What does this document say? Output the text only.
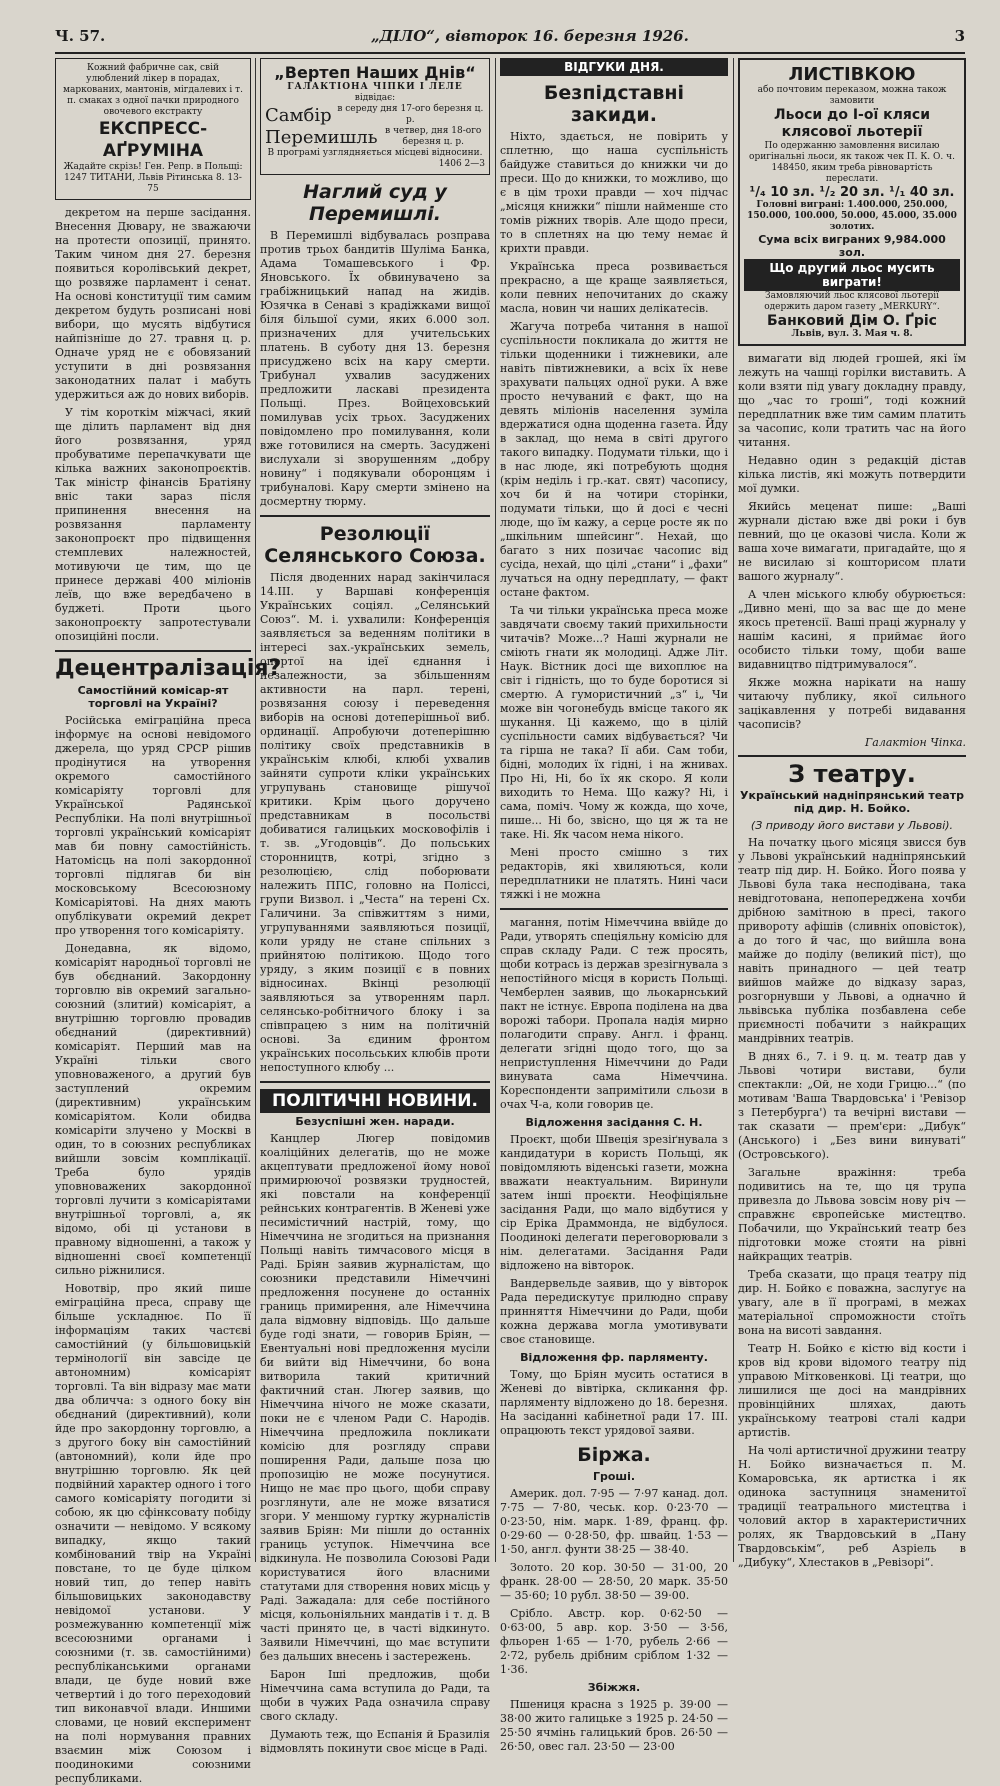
Ч. 57.	„ДІЛО“, вівторок 16. березня 1926.	3
Кожний фабричне сак, свій улюблений лікер в порадах, маркованих, мантонів, мігдалевих і т. п. смаках з одної пачки природного овочевого екстракту
ЕКСПРЕСС-АҐРУМІНА
Жадайте скрізь! Ген. Репр. в Польщі: 1247 ТИТАНИ, Львів Рітинська 8. 13-75

декретом на перше засідання. Внесення Дювару, не зважаючи на протести опозиції, принято. Таким чином дня 27. березня появиться королівський декрет, що розвяже парламент і сенат. На основі конституції тим самим декретом будуть розписані нові вибори, що мусять відбутися найпізніше до 27. травня ц. р. Одначе уряд не є обовязаний уступити в дні розвязання законодатних палат і мабуть удержиться аж до нових виборів.

У тім короткім міжчасі, який ще ділить парламент від дня його розвязання, уряд пробуватиме перепачкувати ще кілька важних законопроєктів. Так міністр фінансів Братіяну вніс таки зараз після припинення внесення на розвязання парламенту законопроєкт про підвищення стемплевих належностей, мотивуючи це тим, що це принесе державі 400 міліонів леїв, що вже вередбачено в буджеті. Проти цього законопроєкту запротестували опозиційні посли.

Децентралізація?
Самостійний комісар-ят торговлі на Україні?

Російська еміграційна преса інформує на основі невідомого джерела, що уряд СРСР рішив продінутися на утворення окремого самостійного комісаріяту торговлі для Української Радянської Республіки. На полі внутрішньої торговлі український комісаріят мав би повну самостійність. Натомісць на полі закордонної торговлі підлягав би він московському Всесоюзному Комісаріятові. На днях мають опублікувати окремий декрет про утворення того комісаріяту.

Донедавна, як відомо, комісаріят народньої торговлі не був обєднаний. Закордонну торговлю вів окремий загально-союзний (злитий) комісаріят, а внутрішню торговлю провадив обєднаний (директивний) комісаріят. Перший мав на Україні тільки свого уповноваженого, а другий був заступлений окремим (директивним) українським комісаріятом. Коли обидва комісаріти злучено у Москві в один, то в союзних республиках вийшли зовсім комплікації. Треба було урядів уповноважених закордонної торговлі лучити з комісаріятами внутрішньої торговлі, а, як відомо, обі ці установи в правному відношенні, а також у відношенні своєї компетенції сильно ріжнилися.

Новотвір, про який пише еміграційна преса, справу ще більше ускладнює. По її інформаціям таких частєві самостійний (у більшовицькій термінології він завсіде це автономним) комісаріят торговлі. Та він відразу має мати два обличча: з одного боку він обєднаний (директивний), коли йде про закордонну торговлю, а з другого боку він самостійний (автономний), коли йде про внутрішню торговлю. Як цей подвійний характер одного і того самого комісаріяту погодити зі собою, як цю сфінксовату побіду означити — невідомо. У всякому випадку, якщо такий комбінований твір на Україні повстане, то це буде цілком новий тип, до тепер навіть більшовицьких законодавству невідомої установи. У розмежуванню компетенції між всесоюзними органами і союзними (т. зв. самостійними) республіканськими органами влади, це буде новий вже четвертий і до того переходовий тип виконавчої влади. Иншими словами, це новий експеримент на полі нормування правних взаємин між Союзом і поодинокими союзними республиками.

„Вертеп Наших Днів“
ГАЛАКТІОНА ЧІПКИ І ЛЕЛЕ
відвідає:
Самбір в середу дня 17-ого березня ц. р.
Перемишль в четвер, дня 18-ого березня ц. р.
В програмі узглядняється місцеві відносини.
1406 2—3
Наглий суд у Перемишлі.

В Перемишлі відбувалась розправа против трьох бандитів Шуліма Банка, Адама Томашевського і Фр. Яновського. Їх обвинувачено за грабіжницький напад на жидів. Юзячка в Сенаві з крадіжками вищої біля більшої суми, яких 6.000 зол. призначених для учительських платень. В суботу дня 13. березня присуджено всіх на кару смерти. Трибунал ухвалив засуджених предложити ласкаві президента Польщі. През. Войцеховський помилував усіх трьох. Засуджених повідомлено про помилування, коли вже готовилися на смерть. Засуджені вислухали зі зворушенням „добру новину“ і подякували оборонцям і трибуналові. Кару смерти змінено на досмертну тюрму.

Резолюції Селянського Союза.

Після дводенних нарад закінчилася 14.III. у Варшаві конференція Українських соціял. „Селянський Союз“. М. і. ухвалили: Конференція заявляється за веденням політики в інтересі зах.-українських земель, опертої на ідеї єднання і незалежности, за збільшенням активности на парл. терені, розвязання союзу і переведення виборів на основі дотеперішньої виб. ординації. Апробуючи дотеперішню політику своїх представників в українськім клюбі, клюбі ухвалив зайняти супроти кліки українських угрупувань становище рішучої критики. Крім цього доручено представникам в посольстві добиватися галицьких московофілів і т. зв. „Угодовців“. До польських сторонництв, котрі, згідно з резолюцією, слід поборювати належить ППС, головно на Поліссі, групи Визвол. і „Честа“ на терені Сх. Галичини. За співжиттям з ними, угрупуваннями заявляються позиції, коли уряду не стане спільних з прийнятою політикою. Щодо того уряду, з яким позиції є в повних відносинах. Вкінці резолюції заявляються за утворенням парл. селянсько-робітничого блоку і за співпрацею з ним на політичній основі. За єдиним фронтом українських посольських клюбів проти непоступного клюбу ...

ПОЛІТИЧНІ НОВИНИ.
Безуспішні жен. наради.

Канцлер Люгер повідомив коаліційних делегатів, що не може акцептувати предложеної йому нової примирюючої розвязки трудностей, які повстали на конференції рейнських контрагентів. В Женеві уже песимістичний настрій, тому, що Німеччина не згодиться на признання Польщі навіть тимчасового місця в Раді. Бріян заявив журналістам, що союзники представили Німеччині предложення посунене до останніх границь примирення, але Німеччина дала відмовну відповідь. Що дальше буде годі знати, — говорив Бріян, — Евентуальні нові предложення мусіли би вийти від Німеччини, бо вона витворила такий критичний фактичний стан. Люгер заявив, що Німеччина нічого не може сказати, поки не є членом Ради С. Народів. Німеччина предложила покликати комісію для розгляду справи поширення Ради, дальше поза цю пропозицію не може посунутися. Нищо не має про цього, щоби справу розглянути, але не може вязатися згори. У меншому гуртку журналістів заявив Бріян: Ми пішли до останніх границь уступок. Німеччина все відкинула. Не позволила Союзові Ради користуватися його власними статутами для створення нових місць у Раді. Зажадала: для себе постійного місця, кольоніяльних мандатів і т. д. В часті принято це, в часті відкинуто. Заявили Німеччині, що має вступити без дальших внесень і застережень.

Барон Іші предложив, щоби Німеччина сама вступила до Ради, та щоби в чужих Рада означила справу свого складу.

Думають теж, що Еспанія й Бразилія відмовлять покинути своє місце в Раді.

ВІДГУКИ ДНЯ.
Безпідставні закиди.

Ніхто, здається, не повірить у сплетню, що наша суспільність байдуже ставиться до книжки чи до преси. Що до книжки, то можливо, що є в цім трохи правди — хоч підчас „місяця книжки“ пішли найменше сто томів ріжних творів. Але щодо преси, то в сплетнях на цю тему немає й крихти правди.

Українська преса розвивається прекрасно, а ще краще заявляється, коли певних непочитаних до скажу масла, новин чи наших делікатесів.

Жагуча потреба читання в нашої суспільности покликала до життя не тільки щоденники і тижневики, але навіть півтижневики, а всіх їх неве зрахувати пальцях одної руки. А вже просто нечуваний є факт, що на девять міліонів населення зуміла вдержатися одна щоденна газета. Йду в заклад, що нема в світі другого такого випадку. Подумати тільки, що і в нас люде, які потребують щодня (крім неділь і гр.-кат. свят) часопису, хоч би й на чотири сторінки, подумати тільки, що й досі є чесні люде, що їм кажу, а серце росте як по „шкільним шпейсинг“. Нехай, що багато з них позичає часопис від сусіда, нехай, що цілі „стани“ і „фахи“ лучаться на одну передплату, — факт остане фактом.

Та чи тільки українська преса може завдячати своєму такий прихильности читачів? Може...? Наші журнали не сміють гнати як молодиці. Адже Літ. Наук. Вістник досі ще вихоплює на світ і гідність, що то буде боротися зі смертю. А гумористичний „з“ і„ Чи може він чогонебудь вмісце такого як шукання. Ці кажемо, що в цілій суспільности самих відбувається? Чи та гірша не така? Ії аби. Сам тоби, бідні, молодих їх гідні, і на жнивах. Про Ні, Ні, бо їх як скоро. Я коли виходить то Нема. Що кажу? Ні, і сама, поміч. Чому ж кожда, що хоче, пише... Ні бо, звісно, що ця ж та не таке. Ні. Як часом нема нікого.

Мені просто смішно з тих редакторів, які хвиляються, коли передплатники не платять. Нині часи тяжкі і не можна

магання, потім Німеччина ввійде до Ради, утворять спеціяльну комісію для справ складу Ради. С теж просять, щоби котрась із держав зрезігнувала з непостійного місця в користь Польщі. Чемберлен заявив, що льокарнський пакт не істнує. Европа поділена на два ворожі табори. Пропала надія мирно полагодити справу. Англ. і франц. делегати згідні щодо того, що за неприступлення Німеччини до Ради винувата сама Німеччина. Кореспонденти запримітили сльози в очах Ч-а, коли говорив це.

Відложення засідання С. Н.

Проєкт, щоби Швеція зрезіґнувала з кандидатури в користь Польщі, як повідомляють віденські газети, можна вважати неактуальним. Виринули затем інші проєкти. Неофіціяльне засідання Ради, що мало відбутися у сір Еріка Драммонда, не відбулося. Поодинокі делегати переговорювали з нім. делегатами. Засідання Ради відложено на вівторок.

Вандервельде заявив, що у вівторок Рада передискутує прилюдно справу принняття Німеччини до Ради, щоби кожна держава могла умотивувати своє становище.

Відложення фр. парляменту.

Тому, що Бріян мусить остатися в Женеві до вівтірка, скликання фр. парляменту відложено до 18. березня. На засіданні кабінетної ради 17. III. опрацюють текст урядової заяви.

Біржа.
Гроші.

Америк. дол. 7·95 — 7·97 канад. дол. 7·75 — 7·80, чеськ. кор. 0·23·70 — 0·23·50, нім. марк. 1·89, франц. фр. 0·29·60 — 0·28·50, фр. швайц. 1·53 — 1·50, англ. фунти 38·25 — 38·40.

Золото. 20 кор. 30·50 — 31·00, 20 франк. 28·00 — 28·50, 20 марк. 35·50 — 35·60; 10 рубл. 38·50 — 39·00.

Срібло. Австр. кор. 0·62·50 — 0·63·00, 5 авр. кор. 3·50 — 3·56, фльорен 1·65 — 1·70, рубель 2·66 — 2·72, рубель дрібним сріблом 1·32 — 1·36.

Збіжжя.

Пшениця красна з 1925 р. 39·00 — 38·00 жито галицьке з 1925 р. 24·50 — 25·50 ячмінь галицький бров. 26·50 — 26·50, овес гал. 23·50 — 23·00

ЛИСТІВКОЮ
або почтовим переказом, можна також замовити
Льоси до І-ої кляси клясової льотерії
По одержанню замовлення висилаю оригінальні льоси, як також чек П. К. О. ч. 148450, яким треба рівновартість переслати.
¹/₄ 10 зл. ¹/₂ 20 зл. ¹/₁ 40 зл.
Головні виграні: 1.400.000, 250.000, 150.000, 100.000, 50.000, 45.000, 35.000 золотих.
Сума всіх виграних 9,984.000 зол.
Що другий льос мусить виграти!
Замовляючий льос клясової льотерії одержить даром газету „MERKURY“.
Банковий Дім О. Ґріс
Львів, вул. 3. Мая ч. 8.

вимагати від людей грошей, які їм лежуть на чашці горілки виставить. А коли взяти під увагу докладну правду, що „час то гроші“, тоді кожний передплатник вже тим самим платить за часопис, коли тратить час на його читання.

Недавно один з редакцій дістав кілька листів, які можуть потвердити мої думки.

Якийсь меценат пише: „Ваші журнали дістаю вже дві роки і був певний, що це оказові числа. Коли ж ваша хоче вимагати, пригадайте, що я не висилаю зі кошторисом плати вашого журналу“.

А член міського клюбу обурюється: „Дивно мені, що за вас ще до мене якось претенсії. Ваші праці журналу у нашім касині, я приймає його особисто тільки тому, щоби ваше видавництво підтримувалося“.

Якже можна нарікати на нашу читаючу публику, якої сильного зацікавлення у потребі видавання часописів?

Галактіон Чіпка.
З театру.
Український надніпрянський театр під дир. Н. Бойко.
(З приводу його вистави у Львові).

На початку цього місяця звисся був у Львові український надніпрянський театр під дир. Н. Бойко. Його поява у Львові була така несподівана, така невідготована, непопереджена хочби дрібною замітною в пресі, такого привороту афішів (сливніх оповісток), а до того й час, що вийшла вона майже до поділу (великий піст), що навіть принадного — цей театр вийшов майже до відказу зараз, розгорнувши у Львові, а одначно й львівська публіка позбавлена себе приємності побачити з найкращих мандрівних театрів.

В днях 6., 7. і 9. ц. м. театр дав у Львові чотири вистави, були спектакли: „Ой, не ходи Грицю...“ (по мотивам 'Ваша Твардовська' і 'Ревізор з Петербурга') та вечірні вистави — так сказати — прем'єри: „Дибук“ (Анського) і „Без вини винуваті“ (Островського).

Загальне вражіння: треба подивитись на те, що ця трупа привезла до Львова зовсім нову річ — справжнє європейське мистецтво. Побачили, що Український театр без підготовки може стояти на рівні найкращих театрів.

Треба сказати, що праця театру під дир. Н. Бойко є поважна, заслугує на увагу, але в її програмі, в межах матеріальної спроможности стоїть вона на висоті завдання.

Театр Н. Бойко є кістю від кости і кров від крови відомого театру під управою Мітковенкові. Ці театри, що лишилися ще досі на мандрівних провінційних шляхах, дають українському театрові сталі кадри артистів.

На чолі артистичної дружини театру Н. Бойко визначається п. М. Комаровська, як артистка і як одинока заступниця знаменитої традиції театрального мистецтва і чоловий актор в характеристичних ролях, як Твардовський в „Пану Твардовськім“, реб Азріель в „Дибуку“, Хлестаков в „Ревізорі“.
